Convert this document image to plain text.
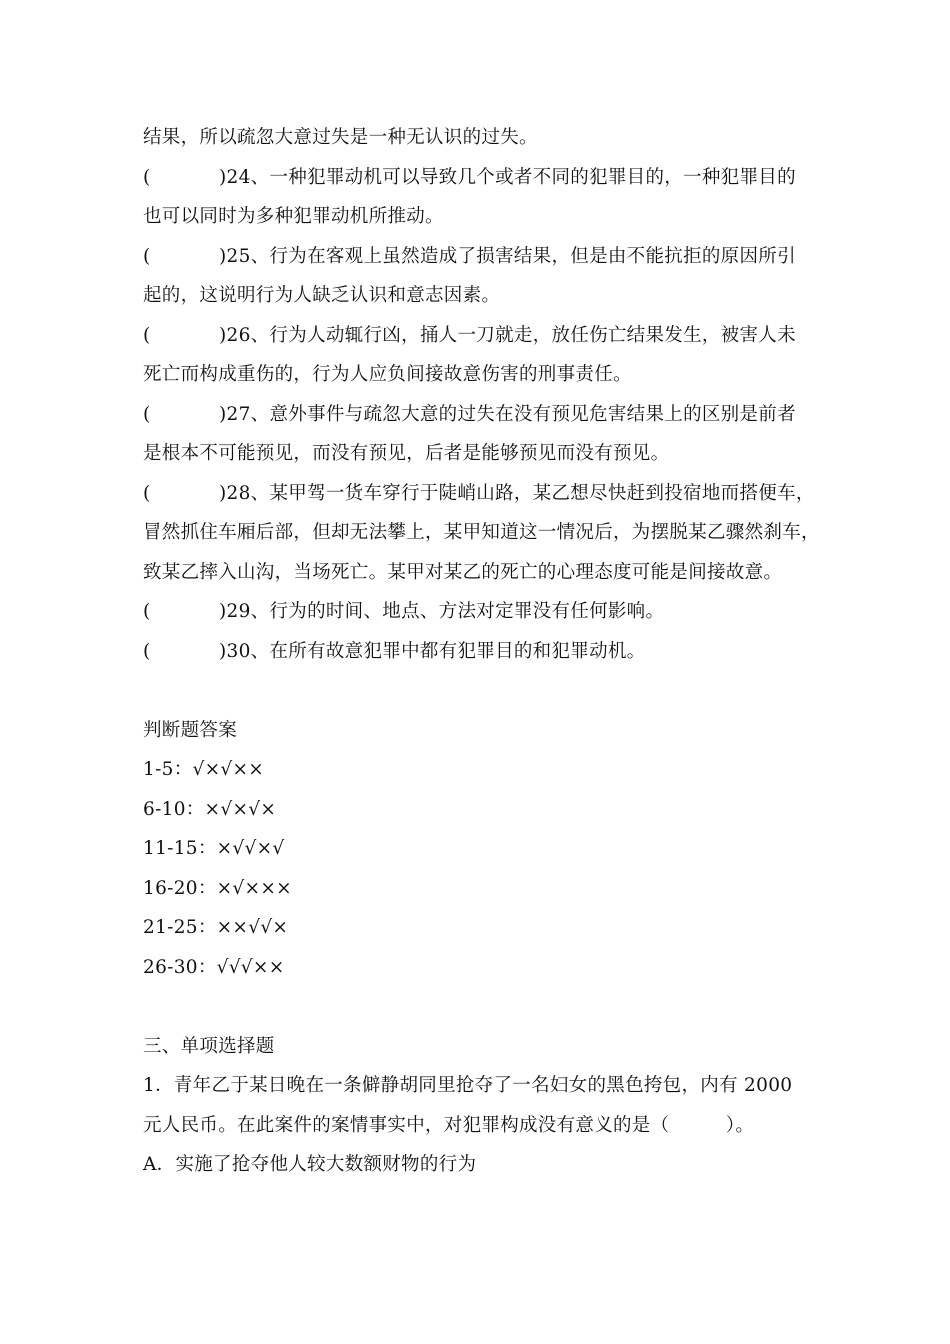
结果，所以疏忽大意过失是一种无认识的过失。
(	)24、一种犯罪动机可以导致几个或者不同的犯罪目的，一种犯罪目的
也可以同时为多种犯罪动机所推动。
(	)25、行为在客观上虽然造成了损害结果，但是由不能抗拒的原因所引
起的，这说明行为人缺乏认识和意志因素。
(	)26、行为人动辄行凶，捅人一刀就走，放任伤亡结果发生，被害人未
死亡而构成重伤的，行为人应负间接故意伤害的刑事责任。
(	)27、意外事件与疏忽大意的过失在没有预见危害结果上的区别是前者
是根本不可能预见，而没有预见，后者是能够预见而没有预见。
(	)28、某甲驾一货车穿行于陡峭山路，某乙想尽快赶到投宿地而搭便车，
冒然抓住车厢后部，但却无法攀上，某甲知道这一情况后，为摆脱某乙骤然刹车，
致某乙摔入山沟，当场死亡。某甲对某乙的死亡的心理态度可能是间接故意。
(	)29、行为的时间、地点、方法对定罪没有任何影响。
(	)30、在所有故意犯罪中都有犯罪目的和犯罪动机。
判断题答案
1-5：√×√××
6-10：×√×√×
11-15：×√√×√
16-20：×√×××
21-25：××√√×
26-30：√√√××
三、单项选择题
1．青年乙于某日晚在一条僻静胡同里抢夺了一名妇女的黑色挎包，内有 2000
元人民币。在此案件的案情事实中，对犯罪构成没有意义的是（　　　）。
A．实施了抢夺他人较大数额财物的行为
